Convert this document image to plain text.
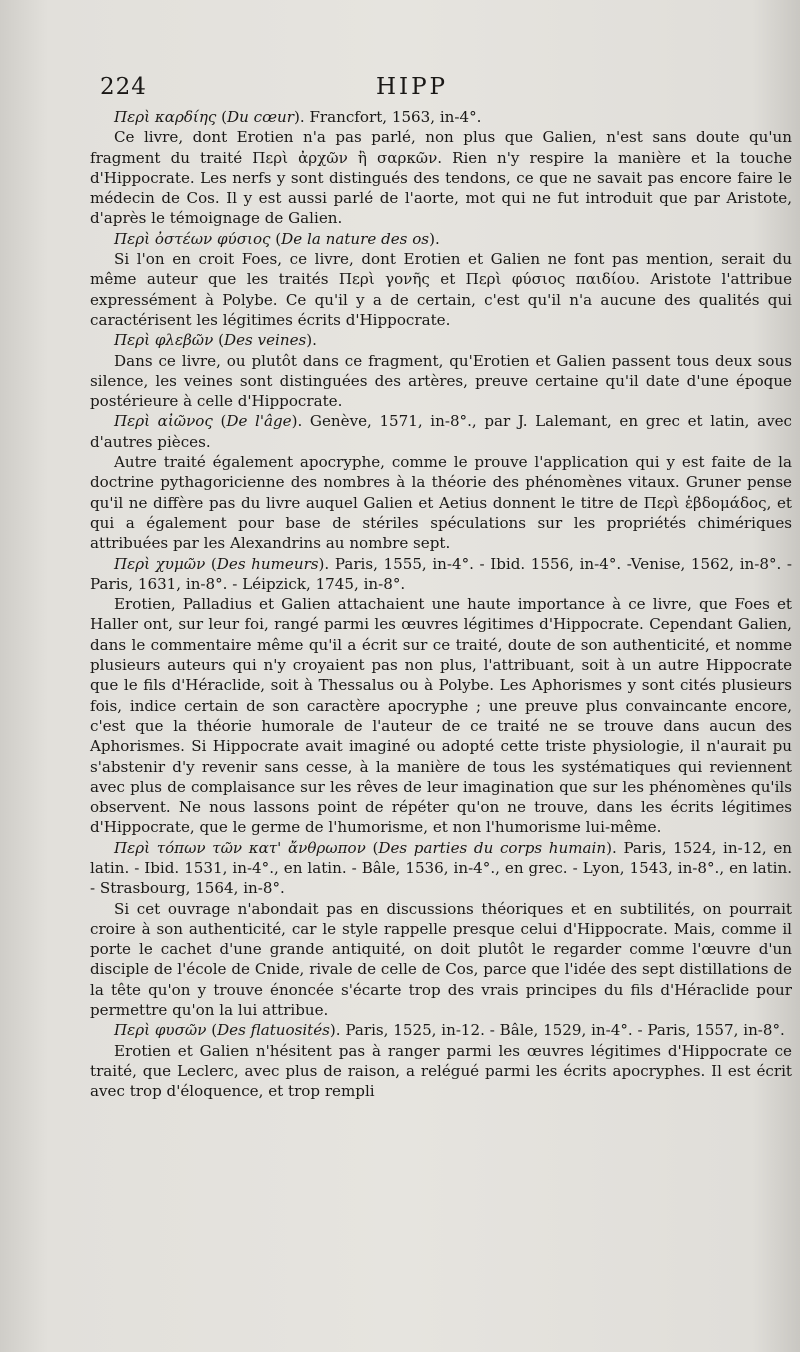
224	HIPP

Περὶ καρδίης (Du cœur). Francfort, 1563, in-4°.

Ce livre, dont Erotien n'a pas parlé, non plus que Galien, n'est sans doute qu'un fragment du traité Περὶ ἀρχῶν ἢ σαρκῶν. Rien n'y respire la manière et la touche d'Hippocrate. Les nerfs y sont distingués des tendons, ce que ne savait pas encore faire le médecin de Cos. Il y est aussi parlé de l'aorte, mot qui ne fut introduit que par Aristote, d'après le témoignage de Galien.

Περὶ ὀστέων φύσιος (De la nature des os).

Si l'on en croit Foes, ce livre, dont Erotien et Galien ne font pas mention, serait du même auteur que les traités Περὶ γονῆς et Περὶ φύσιος παιδίου. Aristote l'attribue expressément à Polybe. Ce qu'il y a de certain, c'est qu'il n'a aucune des qualités qui caractérisent les légitimes écrits d'Hippocrate.

Περὶ φλεβῶν (Des veines).

Dans ce livre, ou plutôt dans ce fragment, qu'Erotien et Galien passent tous deux sous silence, les veines sont distinguées des artères, preuve certaine qu'il date d'une époque postérieure à celle d'Hippocrate.

Περὶ αἰῶνος (De l'âge). Genève, 1571, in-8°., par J. Lalemant, en grec et latin, avec d'autres pièces.

Autre traité également apocryphe, comme le prouve l'application qui y est faite de la doctrine pythagoricienne des nombres à la théorie des phénomènes vitaux. Gruner pense qu'il ne diffère pas du livre auquel Galien et Aetius donnent le titre de Περὶ ἑβδομάδος, et qui a également pour base de stériles spéculations sur les propriétés chimériques attribuées par les Alexandrins au nombre sept.

Περὶ χυμῶν (Des humeurs). Paris, 1555, in-4°. - Ibid. 1556, in-4°. -Venise, 1562, in-8°. - Paris, 1631, in-8°. - Léipzick, 1745, in-8°.

Erotien, Palladius et Galien attachaient une haute importance à ce livre, que Foes et Haller ont, sur leur foi, rangé parmi les œuvres légitimes d'Hippocrate. Cependant Galien, dans le commentaire même qu'il a écrit sur ce traité, doute de son authenticité, et nomme plusieurs auteurs qui n'y croyaient pas non plus, l'attribuant, soit à un autre Hippocrate que le fils d'Héraclide, soit à Thessalus ou à Polybe. Les Aphorismes y sont cités plusieurs fois, indice certain de son caractère apocryphe ; une preuve plus convaincante encore, c'est que la théorie humorale de l'auteur de ce traité ne se trouve dans aucun des Aphorismes. Si Hippocrate avait imaginé ou adopté cette triste physiologie, il n'aurait pu s'abstenir d'y revenir sans cesse, à la manière de tous les systématiques qui reviennent avec plus de complaisance sur les rêves de leur imagination que sur les phénomènes qu'ils observent. Ne nous lassons point de répéter qu'on ne trouve, dans les écrits légitimes d'Hippocrate, que le germe de l'humorisme, et non l'humorisme lui-même.

Περὶ τόπων τῶν κατ' ἄνθρωπον (Des parties du corps humain). Paris, 1524, in-12, en latin. - Ibid. 1531, in-4°., en latin. - Bâle, 1536, in-4°., en grec. - Lyon, 1543, in-8°., en latin. - Strasbourg, 1564, in-8°.

Si cet ouvrage n'abondait pas en discussions théoriques et en subtilités, on pourrait croire à son authenticité, car le style rappelle presque celui d'Hippocrate. Mais, comme il porte le cachet d'une grande antiquité, on doit plutôt le regarder comme l'œuvre d'un disciple de l'école de Cnide, rivale de celle de Cos, parce que l'idée des sept distillations de la tête qu'on y trouve énoncée s'écarte trop des vrais principes du fils d'Héraclide pour permettre qu'on la lui attribue.

Περὶ φυσῶν (Des flatuosités). Paris, 1525, in-12. - Bâle, 1529, in-4°. - Paris, 1557, in-8°.

Erotien et Galien n'hésitent pas à ranger parmi les œuvres légitimes d'Hippocrate ce traité, que Leclerc, avec plus de raison, a relégué parmi les écrits apocryphes. Il est écrit avec trop d'éloquence, et trop rempli
